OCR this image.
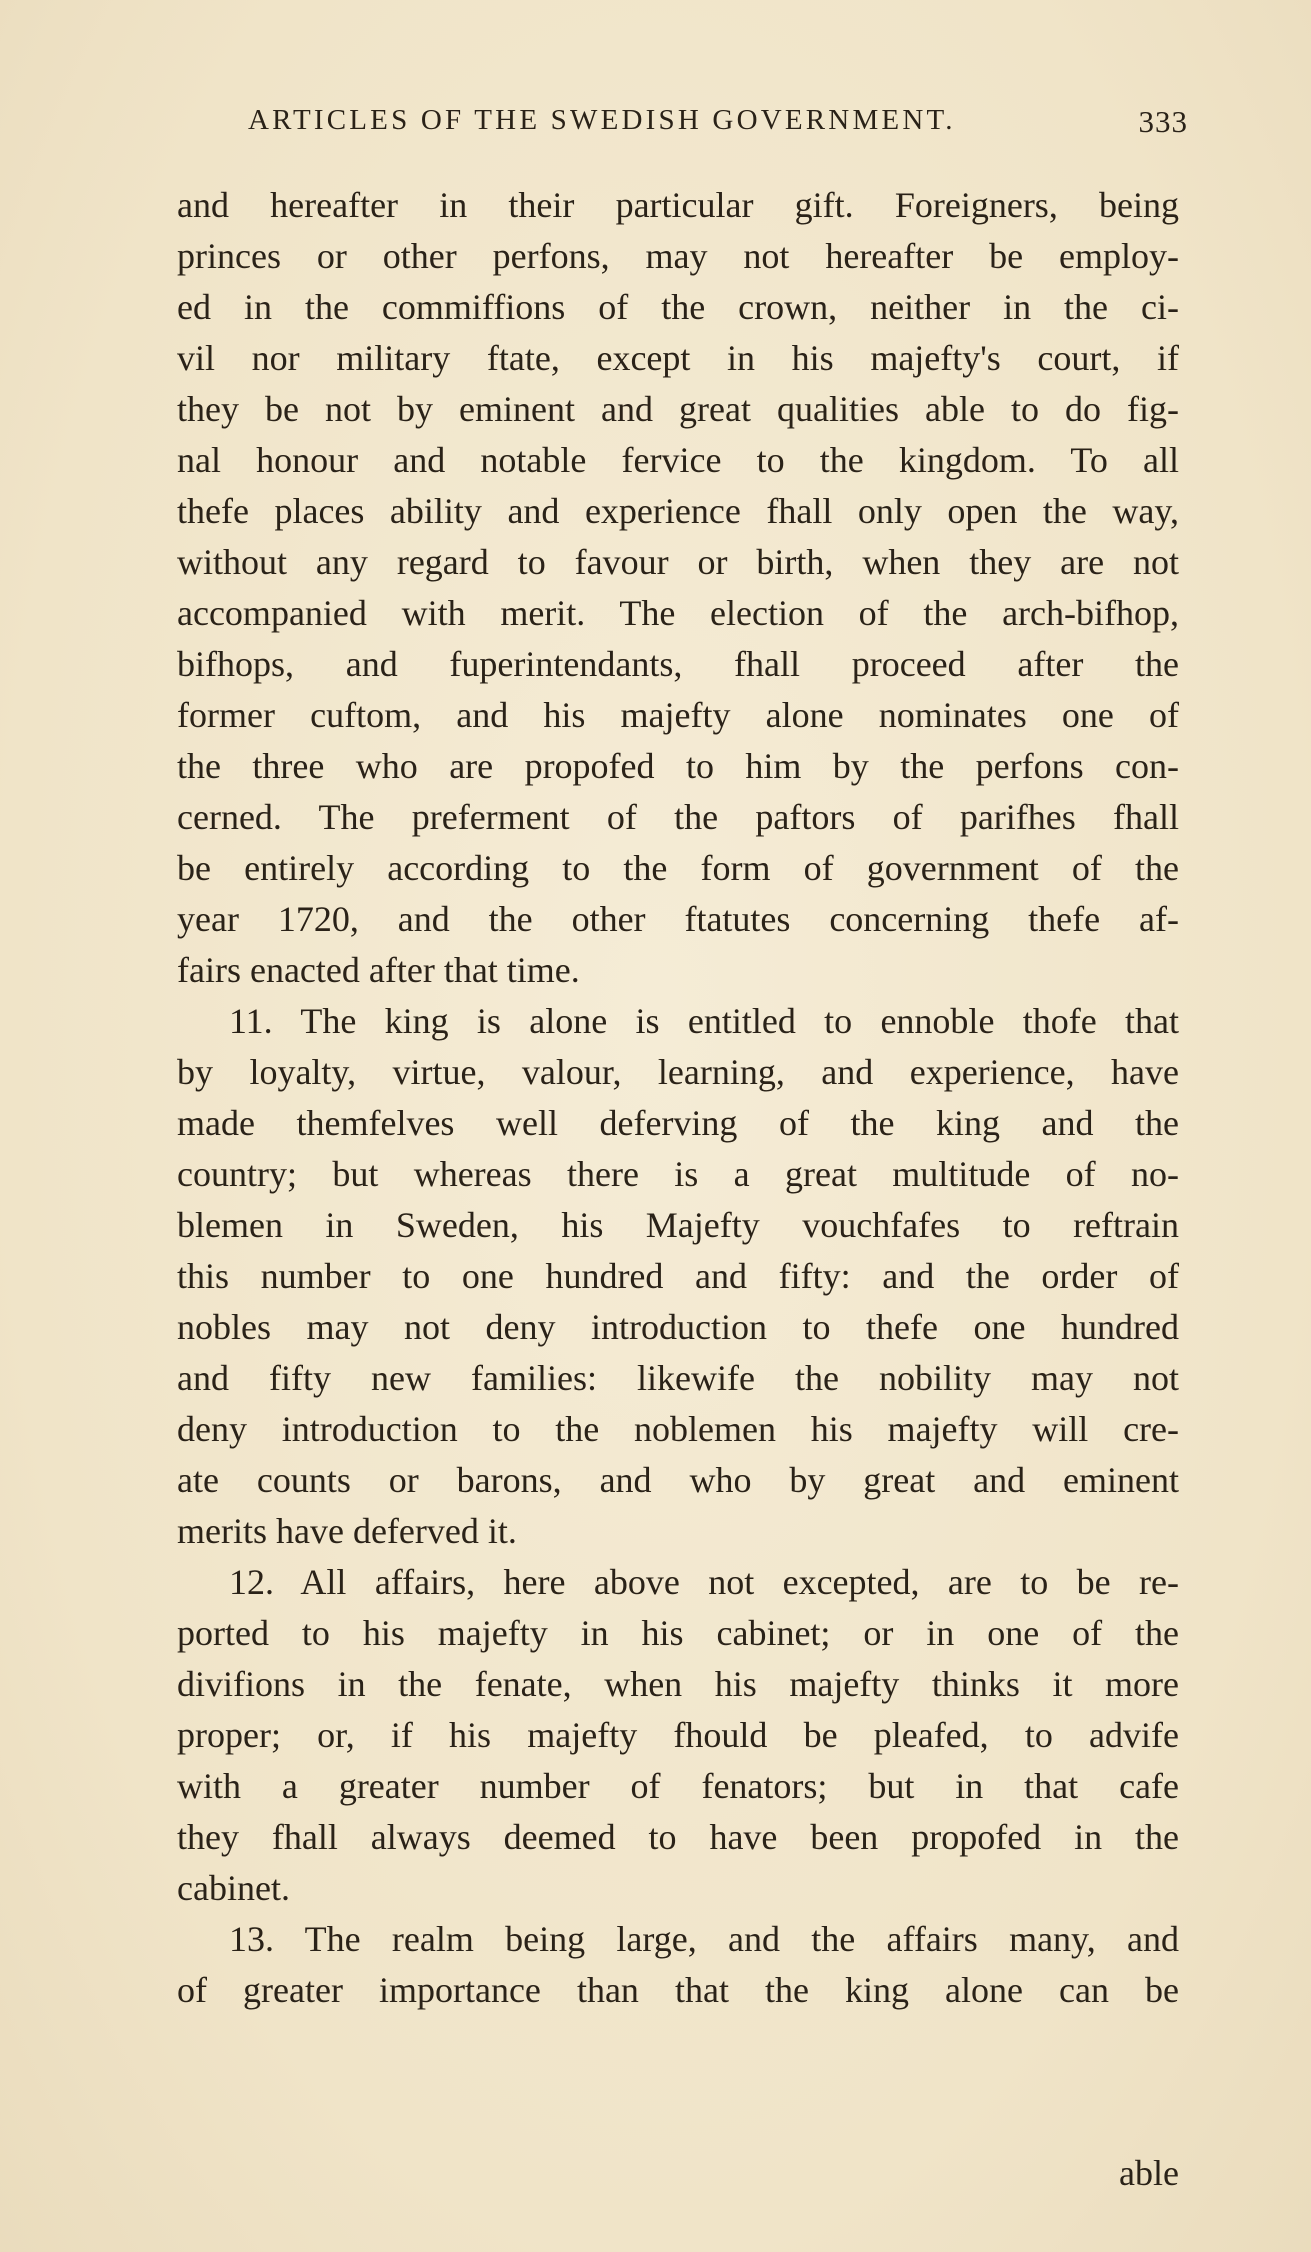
ARTICLES OF THE SWEDISH GOVERNMENT.	333
and hereafter in their particular gift. Foreigners, being
princes or other perfons, may not hereafter be employ-
ed in the commiffions of the crown, neither in the ci-
vil nor military ftate, except in his majefty's court, if
they be not by eminent and great qualities able to do fig-
nal honour and notable fervice to the kingdom. To all
thefe places ability and experience fhall only open the way,
without any regard to favour or birth, when they are not
accompanied with merit. The election of the arch-bifhop,
bifhops, and fuperintendants, fhall proceed after the
former cuftom, and his majefty alone nominates one of
the three who are propofed to him by the perfons con-
cerned. The preferment of the paftors of parifhes fhall
be entirely according to the form of government of the
year 1720, and the other ftatutes concerning thefe af-
fairs enacted after that time.
11. The king is alone is entitled to ennoble thofe that
by loyalty, virtue, valour, learning, and experience, have
made themfelves well deferving of the king and the
country; but whereas there is a great multitude of no-
blemen in Sweden, his Majefty vouchfafes to reftrain
this number to one hundred and fifty: and the order of
nobles may not deny introduction to thefe one hundred
and fifty new families: likewife the nobility may not
deny introduction to the noblemen his majefty will cre-
ate counts or barons, and who by great and eminent
merits have deferved it.
12. All affairs, here above not excepted, are to be re-
ported to his majefty in his cabinet; or in one of the
divifions in the fenate, when his majefty thinks it more
proper; or, if his majefty fhould be pleafed, to advife
with a greater number of fenators; but in that cafe
they fhall always deemed to have been propofed in the
cabinet.
13. The realm being large, and the affairs many, and
of greater importance than that the king alone can be
able
